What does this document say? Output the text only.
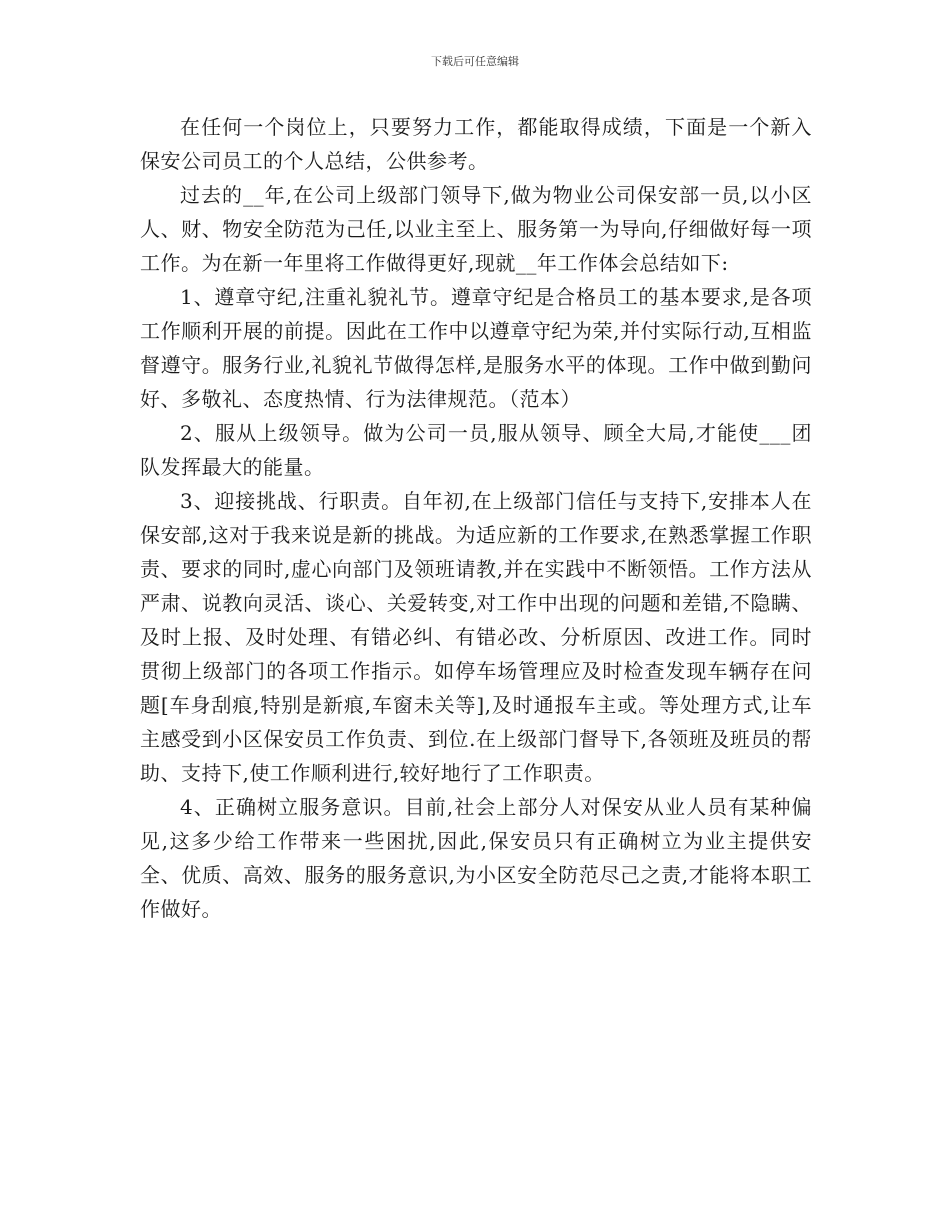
下载后可任意编辑

在任何一个岗位上，只要努力工作，都能取得成绩，下面是一个新入保安公司员工的个人总结，公供参考。

过去的__年,在公司上级部门领导下,做为物业公司保安部一员,以小区人、财、物安全防范为己任,以业主至上、服务第一为导向,仔细做好每一项工作。为在新一年里将工作做得更好,现就__年工作体会总结如下:

1、遵章守纪,注重礼貌礼节。遵章守纪是合格员工的基本要求,是各项工作顺利开展的前提。因此在工作中以遵章守纪为荣,并付实际行动,互相监督遵守。服务行业,礼貌礼节做得怎样,是服务水平的体现。工作中做到勤问好、多敬礼、态度热情、行为法律规范。（范本）

2、服从上级领导。做为公司一员,服从领导、顾全大局,才能使___团队发挥最大的能量。

3、迎接挑战、行职责。自年初,在上级部门信任与支持下,安排本人在保安部,这对于我来说是新的挑战。为适应新的工作要求,在熟悉掌握工作职责、要求的同时,虚心向部门及领班请教,并在实践中不断领悟。工作方法从严肃、说教向灵活、谈心、关爱转变,对工作中出现的问题和差错,不隐瞒、及时上报、及时处理、有错必纠、有错必改、分析原因、改进工作。同时贯彻上级部门的各项工作指示。如停车场管理应及时检查发现车辆存在问题[车身刮痕,特别是新痕,车窗未关等],及时通报车主或。等处理方式,让车主感受到小区保安员工作负责、到位.在上级部门督导下,各领班及班员的帮助、支持下,使工作顺利进行,较好地行了工作职责。

4、正确树立服务意识。目前,社会上部分人对保安从业人员有某种偏见,这多少给工作带来一些困扰,因此,保安员只有正确树立为业主提供安全、优质、高效、服务的服务意识,为小区安全防范尽己之责,才能将本职工作做好。
